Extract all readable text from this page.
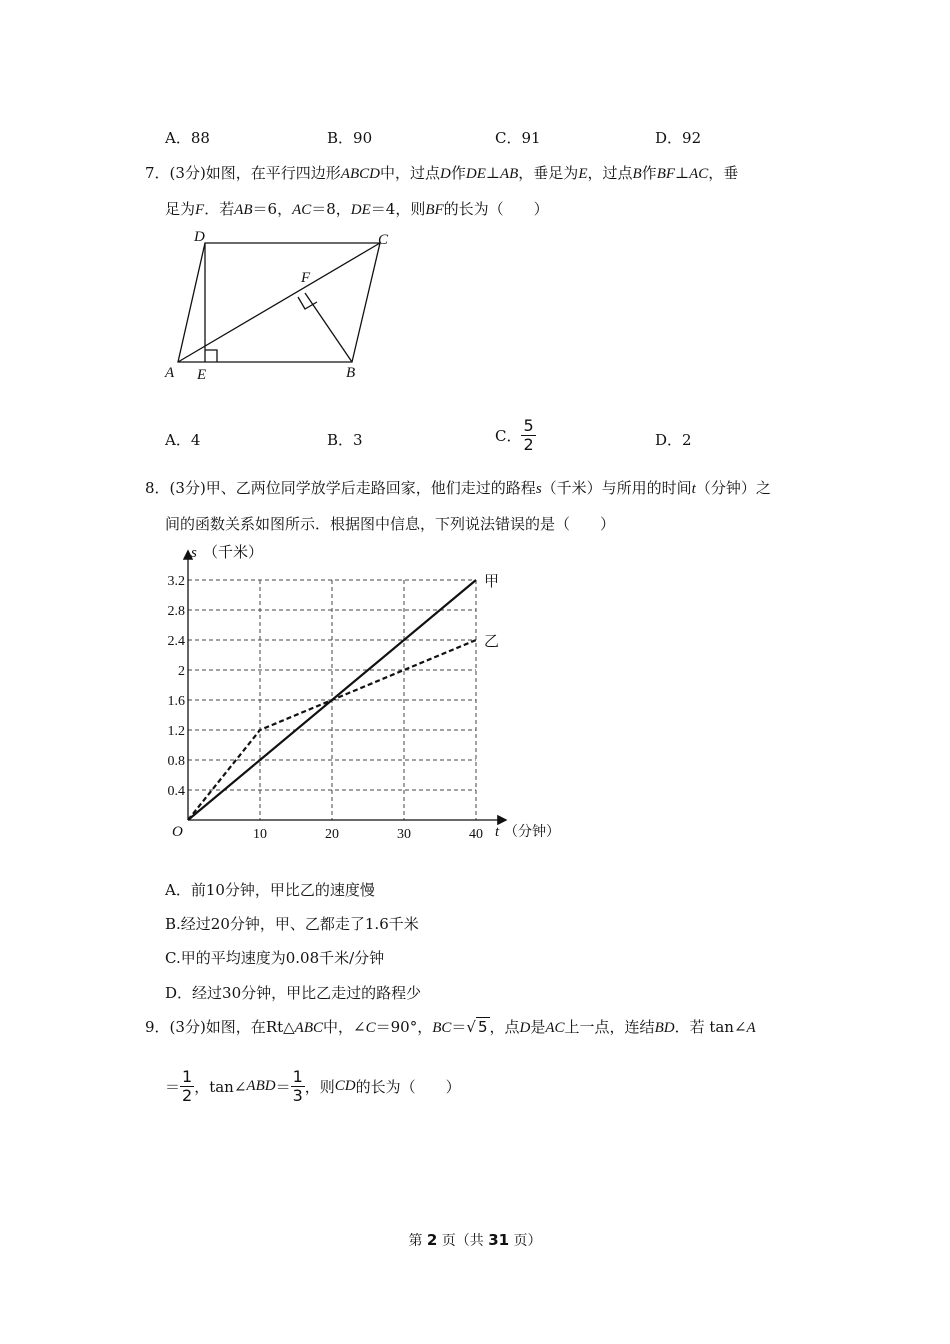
A．88	B．90	C．91	D．92
7．(3分)如图，在平行四边形ABCD中，过点D作DE⊥AB，垂足为E，过点B作BF⊥AC，垂
足为F．若AB＝6，AC＝8，DE＝4，则BF的长为（　　）
D	C
F
A E	B
A．4	B．3	C． $\frac{5}{2}$	D．2
8．(3分)甲、乙两位同学放学后走路回家，他们走过的路程s（千米）与所用的时间t（分钟）之
间的函数关系如图所示．根据图中信息，下列说法错误的是（　　）
甲
乙
10	20	30	40
0.4
0.8
1.2
1.6
2
2.4
2.8
3.2
s （千米）
t （分钟）
O
A．前10分钟，甲比乙的速度慢
B.经过20分钟，甲、乙都走了1.6千米
C.甲的平均速度为0.08千米/分钟
D．经过30分钟，甲比乙走过的路程少
9．(3分)如图，在Rt△ABC中，∠C＝90°，BC＝√ 5 ，点D是AC上一点，连结BD．若 tan∠A
＝ $\frac{1}{2}$ ，tan∠ABD＝ $\frac{1}{3}$ ，则CD的长为（　　）
第 2 页（共 31 页）
